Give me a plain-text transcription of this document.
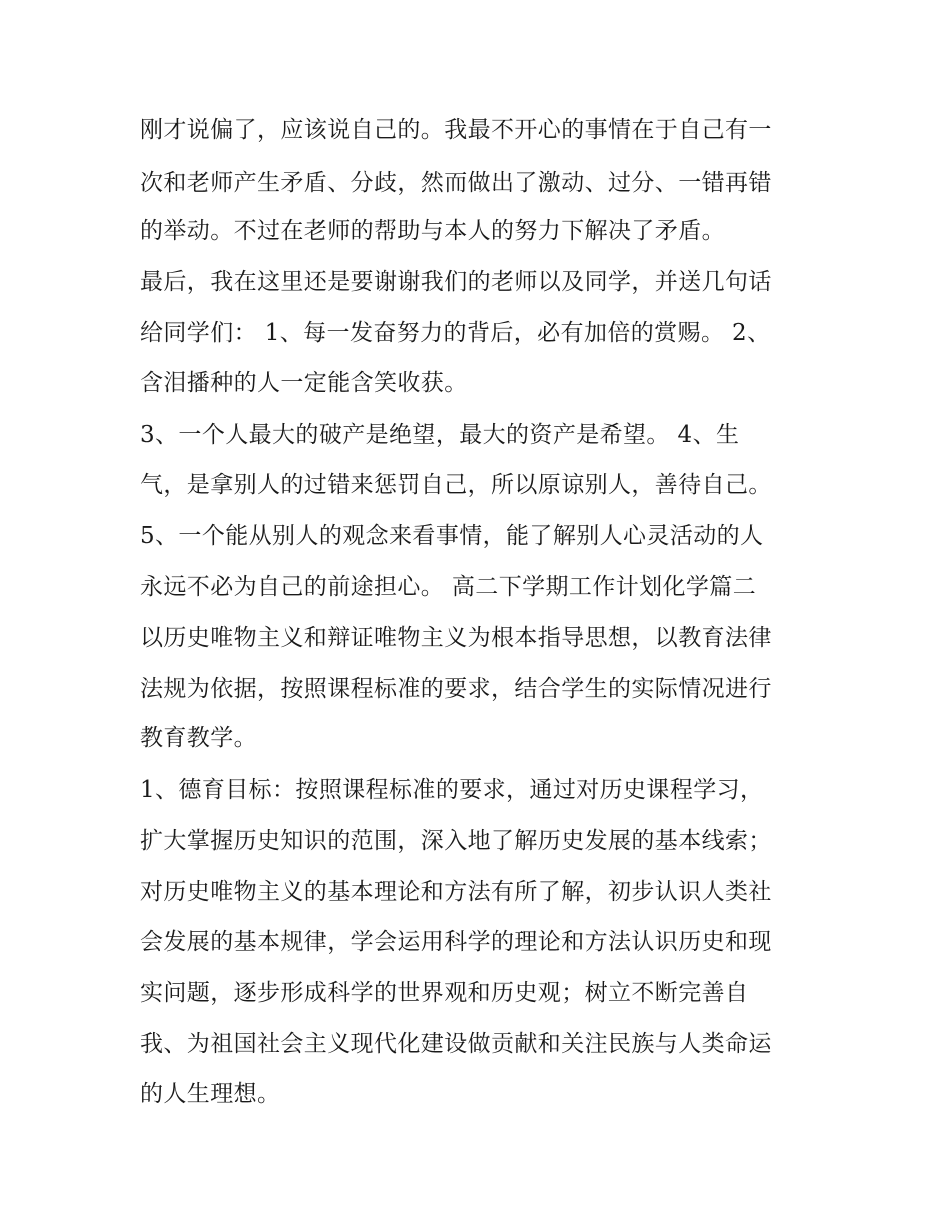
刚才说偏了，应该说自己的。我最不开心的事情在于自己有一
次和老师产生矛盾、分歧，然而做出了激动、过分、一错再错
的举动。不过在老师的帮助与本人的努力下解决了矛盾。
最后，我在这里还是要谢谢我们的老师以及同学，并送几句话
给同学们： 1、每一发奋努力的背后，必有加倍的赏赐。 2、
含泪播种的人一定能含笑收获。
3、一个人最大的破产是绝望，最大的资产是希望。 4、生
气，是拿别人的过错来惩罚自己，所以原谅别人，善待自己。
5、一个能从别人的观念来看事情，能了解别人心灵活动的人
永远不必为自己的前途担心。 高二下学期工作计划化学篇二
以历史唯物主义和辩证唯物主义为根本指导思想，以教育法律
法规为依据，按照课程标准的要求，结合学生的实际情况进行
教育教学。
1、德育目标：按照课程标准的要求，通过对历史课程学习，
扩大掌握历史知识的范围，深入地了解历史发展的基本线索；
对历史唯物主义的基本理论和方法有所了解，初步认识人类社
会发展的基本规律，学会运用科学的理论和方法认识历史和现
实问题，逐步形成科学的世界观和历史观；树立不断完善自
我、为祖国社会主义现代化建设做贡献和关注民族与人类命运
的人生理想。
